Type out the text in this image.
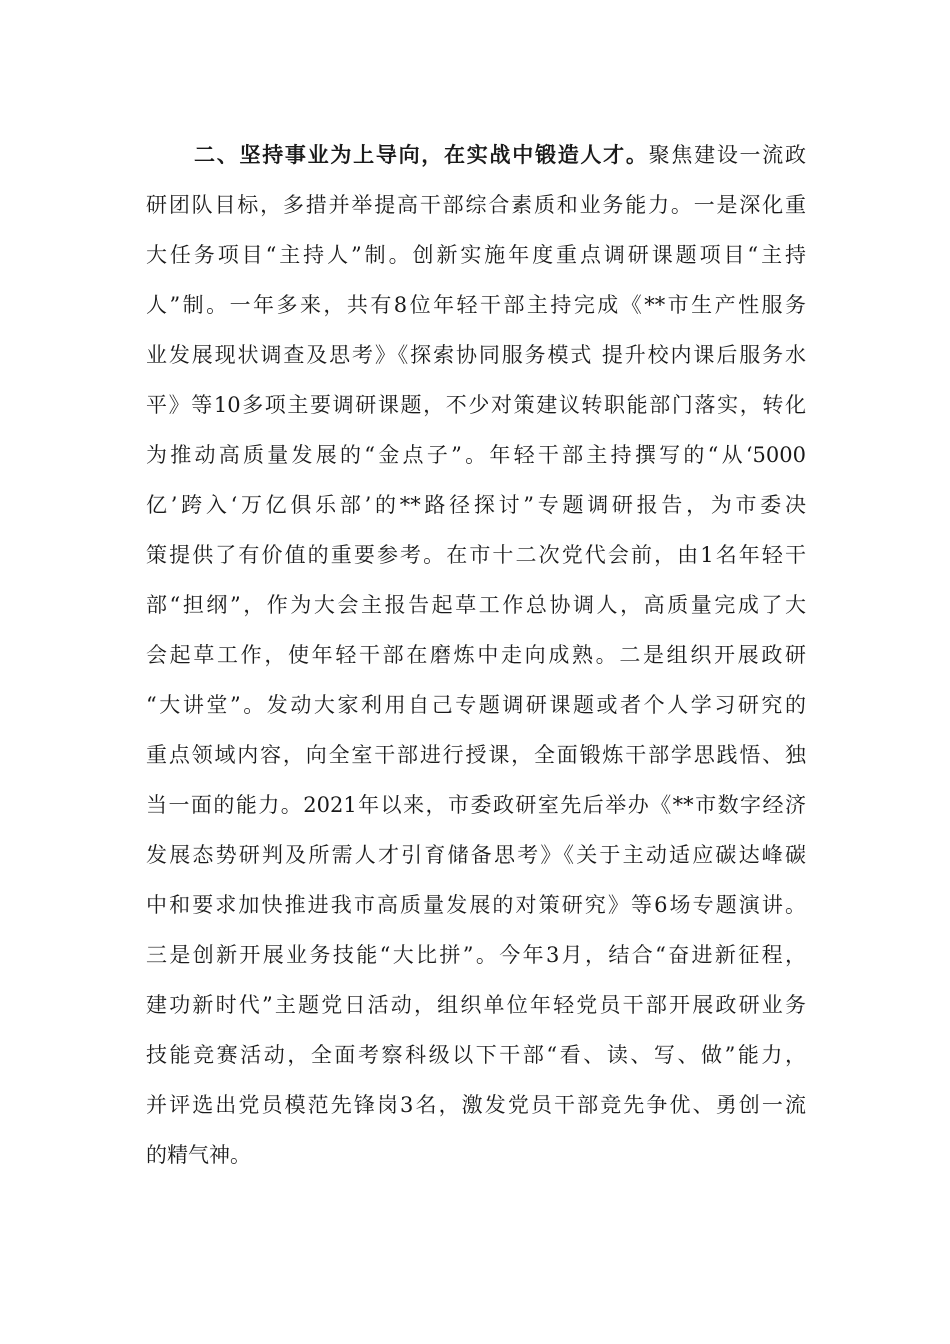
二、坚持事业为上导向，在实战中锻造人才。聚焦建设一流政
研团队目标，多措并举提高干部综合素质和业务能力。一是深化重
大任务项目“主持人”制。创新实施年度重点调研课题项目“主持
人”制。一年多来，共有8位年轻干部主持完成《**市生产性服务
业发展现状调查及思考》《探索协同服务模式 提升校内课后服务水
平》等10多项主要调研课题，不少对策建议转职能部门落实，转化
为推动高质量发展的“金点子”。年轻干部主持撰写的“从‘5000
亿’跨入‘万亿俱乐部’的**路径探讨”专题调研报告，为市委决
策提供了有价值的重要参考。在市十二次党代会前，由1名年轻干
部“担纲”，作为大会主报告起草工作总协调人，高质量完成了大
会起草工作，使年轻干部在磨炼中走向成熟。二是组织开展政研
“大讲堂”。发动大家利用自己专题调研课题或者个人学习研究的
重点领域内容，向全室干部进行授课，全面锻炼干部学思践悟、独
当一面的能力。2021年以来，市委政研室先后举办《**市数字经济
发展态势研判及所需人才引育储备思考》《关于主动适应碳达峰碳
中和要求加快推进我市高质量发展的对策研究》等6场专题演讲。
三是创新开展业务技能“大比拼”。今年3月，结合“奋进新征程，
建功新时代”主题党日活动，组织单位年轻党员干部开展政研业务
技能竞赛活动，全面考察科级以下干部“看、读、写、做”能力，
并评选出党员模范先锋岗3名，激发党员干部竞先争优、勇创一流
的精气神。
